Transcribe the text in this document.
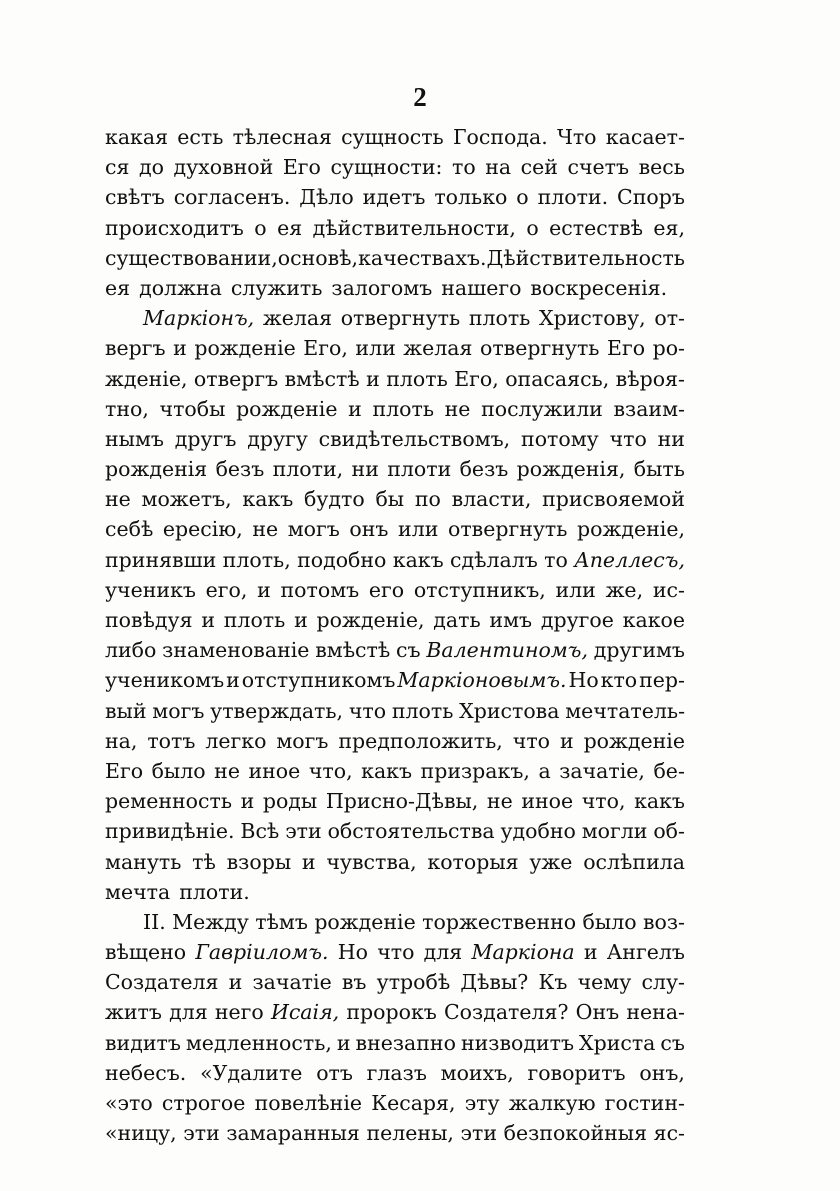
2
какая есть тѣлесная сущность Господа. Что касает-
ся до духовной Его сущности: то на сей счетъ весь
свѣтъ согласенъ. Дѣло идетъ только о плоти. Споръ
происходитъ о ея дѣйствительности, о естествѣ ея,
существовании, основѣ, качествахъ. Дѣйствительность
ея должна служить залогомъ нашего воскресенія.
Маркіонъ, желая отвергнуть плоть Христову, от-
вергъ и рожденіе Его, или желая отвергнуть Его ро-
жденіе, отвергъ вмѣстѣ и плоть Его, опасаясь, вѣроя-
тно, чтобы рожденіе и плоть не послужили взаим-
нымъ другъ другу свидѣтельствомъ, потому что ни
рожденія безъ плоти, ни плоти безъ рожденія, быть
не можетъ, какъ будто бы по власти, присвояемой
себѣ ересію, не могъ онъ или отвергнуть рожденіе,
принявши плоть, подобно какъ сдѣлалъ то Апеллесъ,
ученикъ его, и потомъ его отступникъ, или же, ис-
повѣдуя и плоть и рожденіе, дать имъ другое какое
либо знаменованіе вмѣстѣ съ Валентиномъ, другимъ
ученикомъ и отступникомъ Маркіоновымъ. Но кто пер-
вый могъ утверждать, что плоть Христова мечтатель-
на, тотъ легко могъ предположить, что и рожденіе
Его было не иное что, какъ призракъ, а зачатіе, бе-
ременность и роды Присно-Дѣвы, не иное что, какъ
привидѣніе. Всѣ эти обстоятельства удобно могли об-
мануть тѣ взоры и чувства, которыя уже ослѣпила
мечта плоти.
II. Между тѣмъ рожденіе торжественно было воз-
вѣщено Гавріиломъ. Но что для Маркіона и Ангелъ
Создателя и зачатіе въ утробѣ Дѣвы? Къ чему слу-
житъ для него Исаія, пророкъ Создателя? Онъ нена-
видитъ медленность, и внезапно низводитъ Христа съ
небесъ. «Удалите отъ глазъ моихъ, говоритъ онъ,
«это строгое повелѣніе Кесаря, эту жалкую гостин-
«ницу, эти замаранныя пелены, эти безпокойныя яс-
